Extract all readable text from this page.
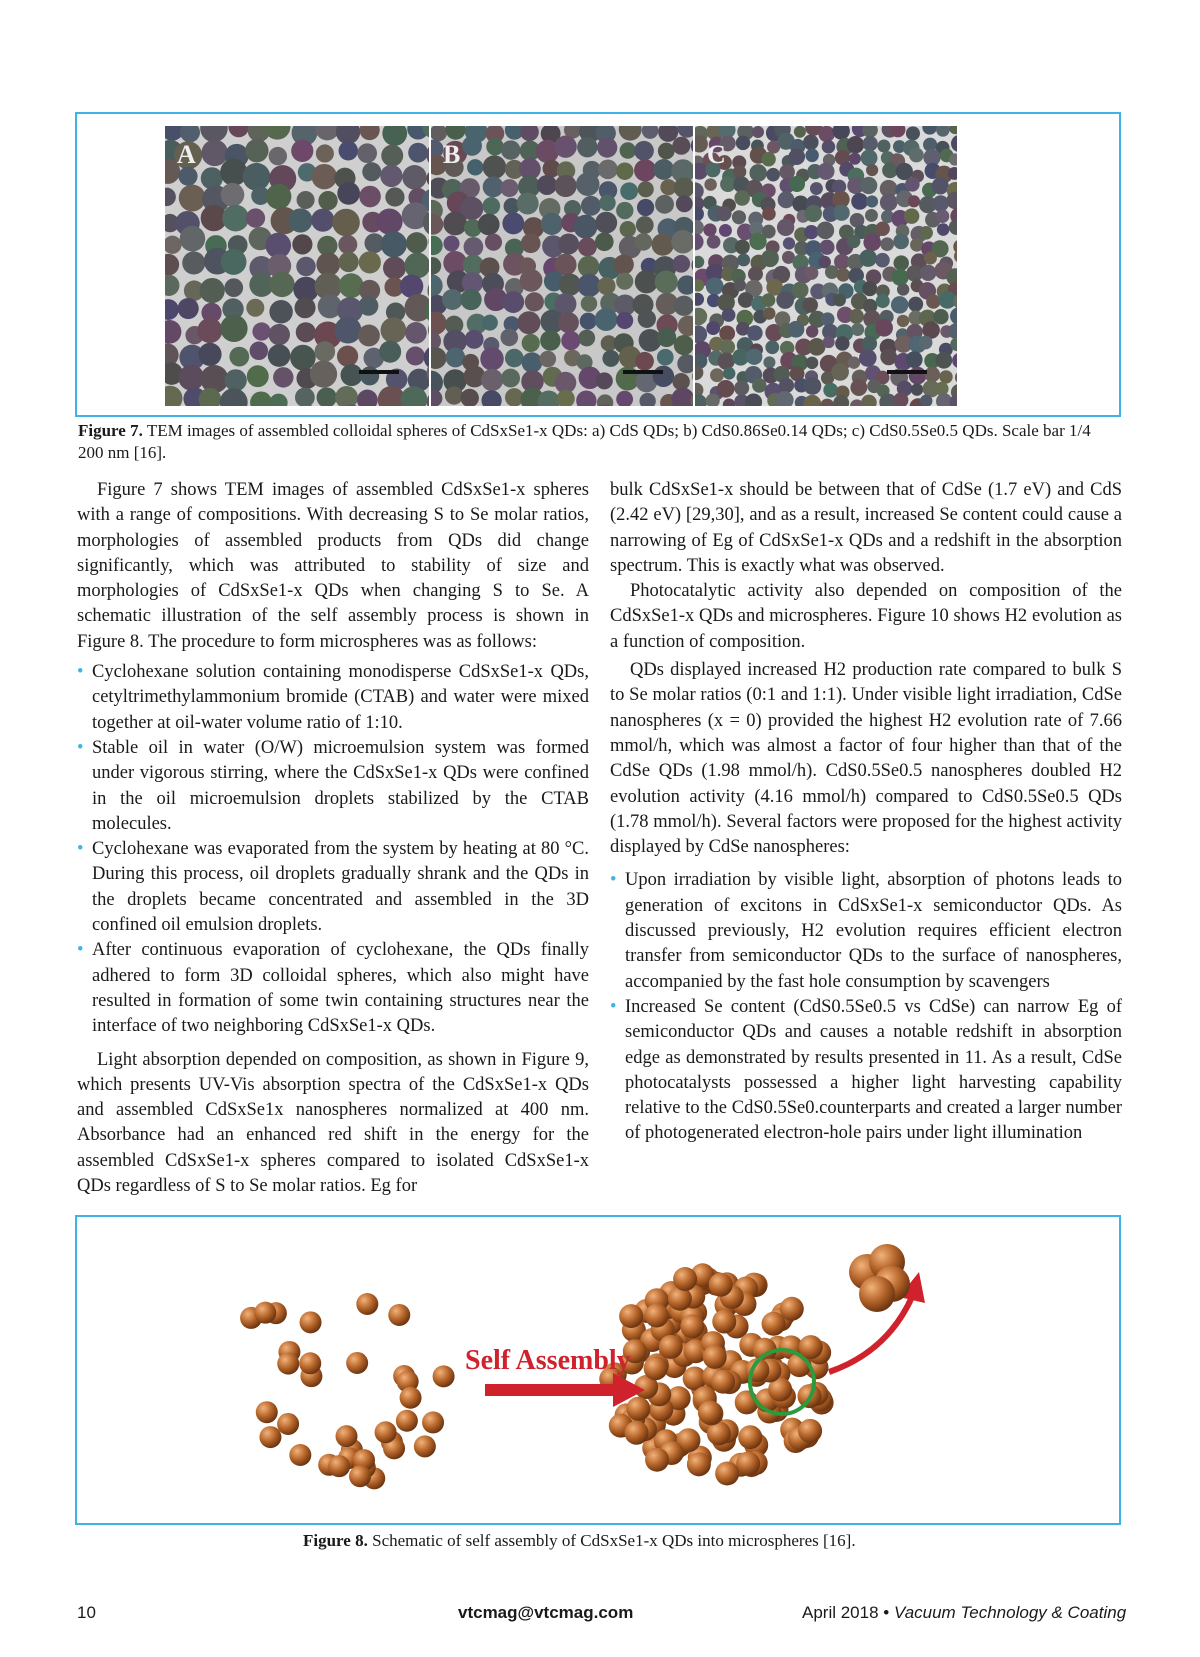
A	B	C
Figure 7. TEM images of assembled colloidal spheres of CdSxSe1-x QDs: a) CdS QDs; b) CdS0.86Se0.14 QDs; c) CdS0.5Se0.5 QDs. Scale bar 1/4 200 nm [16].

Figure 7 shows TEM images of assembled CdSxSe1-x spheres with a range of compositions. With decreasing S to Se molar ratios, morphologies of assembled products from QDs did change significantly, which was attributed to stability of size and morphologies of CdSxSe1-x QDs when changing S to Se. A schematic illustration of the self assembly process is shown in Figure 8. The procedure to form microspheres was as follows:

• Cyclohexane solution containing monodisperse CdSxSe1-x QDs, cetyltrimethylammonium bromide (CTAB) and water were mixed together at oil-water volume ratio of 1:10.

• Stable oil in water (O/W) microemulsion system was formed under vigorous stirring, where the CdSxSe1-x QDs were confined in the oil microemulsion droplets stabilized by the CTAB molecules.

• Cyclohexane was evaporated from the system by heating at 80 °C. During this process, oil droplets gradually shrank and the QDs in the droplets became concentrated and assembled in the 3D confined oil emulsion droplets.

• After continuous evaporation of cyclohexane, the QDs finally adhered to form 3D colloidal spheres, which also might have resulted in formation of some twin containing structures near the interface of two neighboring CdSxSe1-x QDs.

Light absorption depended on composition, as shown in Figure 9, which presents UV-Vis absorption spectra of the CdSxSe1-x QDs and assembled CdSxSe1x nanospheres normalized at 400 nm. Absorbance had an enhanced red shift in the energy for the assembled CdSxSe1-x spheres compared to isolated CdSxSe1-x QDs regardless of S to Se molar ratios. Eg for

bulk CdSxSe1-x should be between that of CdSe (1.7 eV) and CdS (2.42 eV) [29,30], and as a result, increased Se content could cause a narrowing of Eg of CdSxSe1-x QDs and a redshift in the absorption spectrum. This is exactly what was observed.

Photocatalytic activity also depended on composition of the CdSxSe1-x QDs and microspheres. Figure 10 shows H2 evolution as a function of composition.

QDs displayed increased H2 production rate compared to bulk S to Se molar ratios (0:1 and 1:1). Under visible light irradiation, CdSe nanospheres (x = 0) provided the highest H2 evolution rate of 7.66 mmol/h, which was almost a factor of four higher than that of the CdSe QDs (1.98 mmol/h). CdS0.5Se0.5 nanospheres doubled H2 evolution activity (4.16 mmol/h) compared to CdS0.5Se0.5 QDs (1.78 mmol/h). Several factors were proposed for the highest activity displayed by CdSe nanospheres:

• Upon irradiation by visible light, absorption of photons leads to generation of excitons in CdSxSe1-x semiconductor QDs. As discussed previously, H2 evolution requires efficient electron transfer from semiconductor QDs to the surface of nanospheres, accompanied by the fast hole consumption by scavengers

• Increased Se content (CdS0.5Se0.5 vs CdSe) can narrow Eg of semiconductor QDs and causes a notable redshift in absorption edge as demonstrated by results presented in 11. As a result, CdSe photocatalysts possessed a higher light harvesting capability relative to the CdS0.5Se0.counterparts and created a larger number of photogenerated electron-hole pairs under light illumination

Self Assembly
Figure 8. Schematic of self assembly of CdSxSe1-x QDs into microspheres [16].
10	vtcmag@vtcmag.com	April 2018 • Vacuum Technology & Coating
